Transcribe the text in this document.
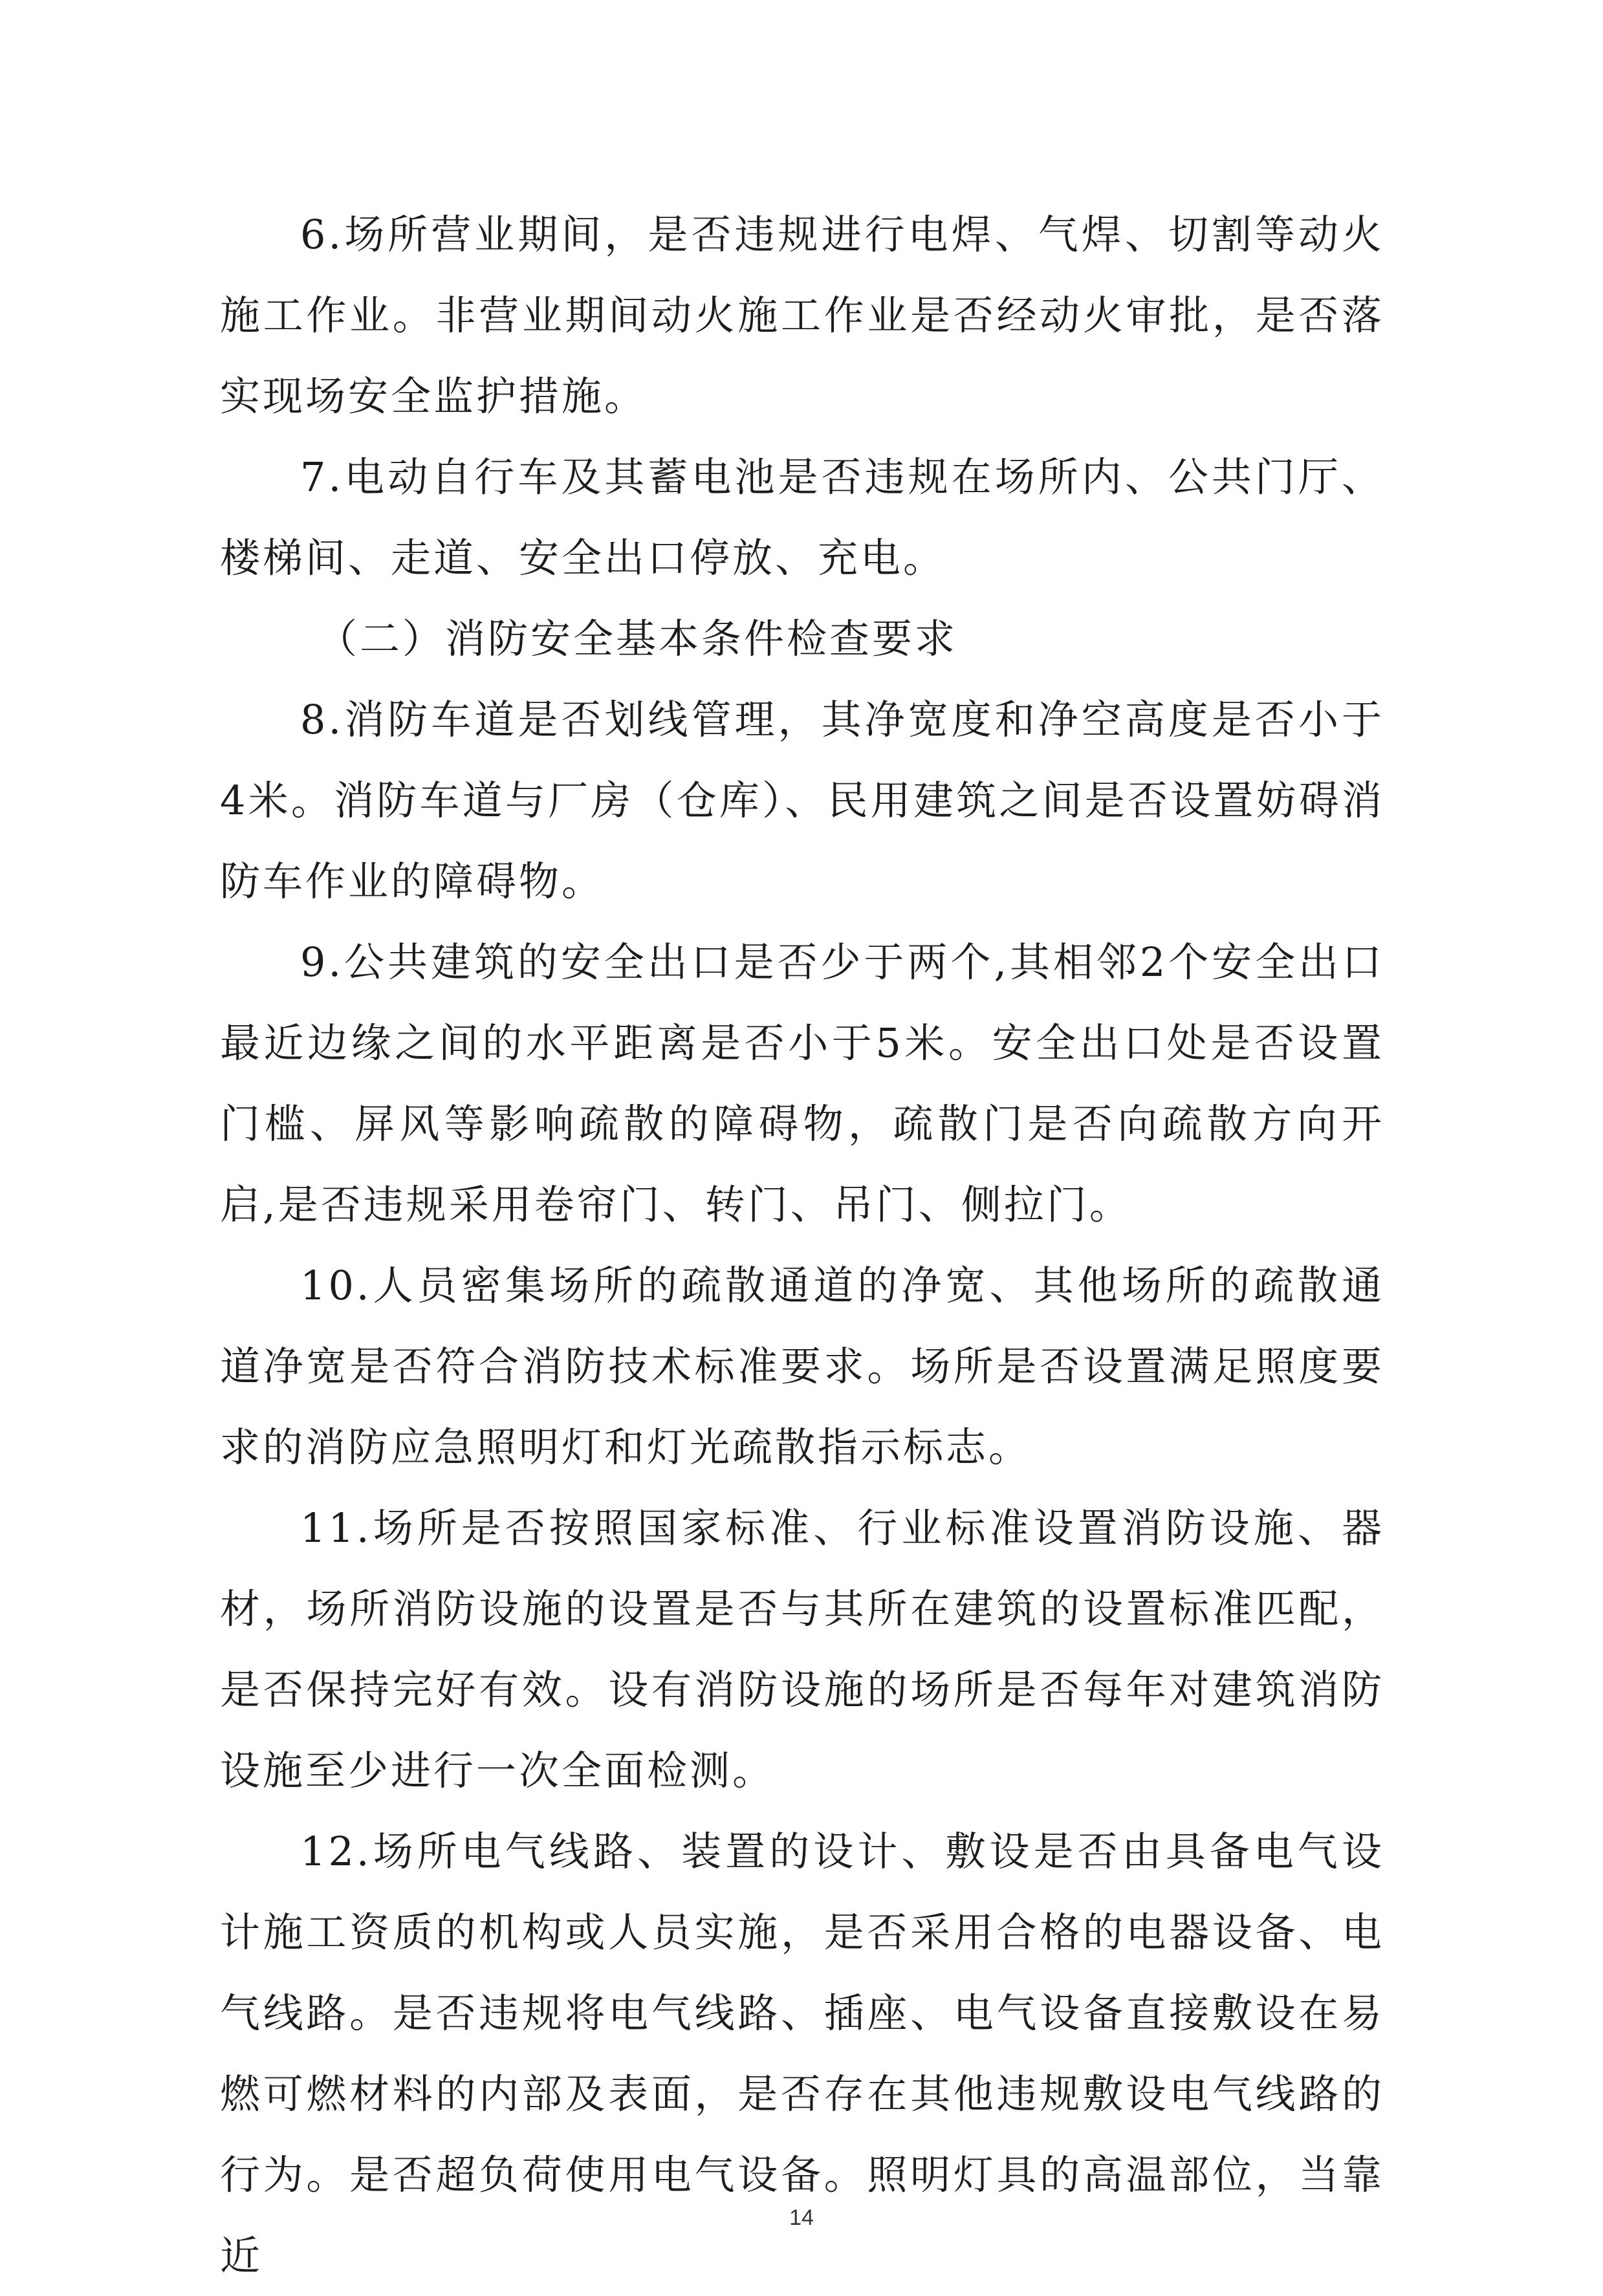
6.场所营业期间，是否违规进行电焊、气焊、切割等动火施工作业。非营业期间动火施工作业是否经动火审批，是否落实现场安全监护措施。

7.电动自行车及其蓄电池是否违规在场所内、公共门厅、楼梯间、走道、安全出口停放、充电。

（二）消防安全基本条件检查要求

8.消防车道是否划线管理，其净宽度和净空高度是否小于4米。消防车道与厂房（仓库）、民用建筑之间是否设置妨碍消防车作业的障碍物。

9.公共建筑的安全出口是否少于两个,其相邻2个安全出口最近边缘之间的水平距离是否小于5米。安全出口处是否设置门槛、屏风等影响疏散的障碍物，疏散门是否向疏散方向开启,是否违规采用卷帘门、转门、吊门、侧拉门。

10.人员密集场所的疏散通道的净宽、其他场所的疏散通道净宽是否符合消防技术标准要求。场所是否设置满足照度要求的消防应急照明灯和灯光疏散指示标志。

11.场所是否按照国家标准、行业标准设置消防设施、器材，场所消防设施的设置是否与其所在建筑的设置标准匹配，是否保持完好有效。设有消防设施的场所是否每年对建筑消防设施至少进行一次全面检测。

12.场所电气线路、装置的设计、敷设是否由具备电气设计施工资质的机构或人员实施，是否采用合格的电器设备、电气线路。是否违规将电气线路、插座、电气设备直接敷设在易燃可燃材料的内部及表面，是否存在其他违规敷设电气线路的行为。是否超负荷使用电气设备。照明灯具的高温部位，当靠近

14
